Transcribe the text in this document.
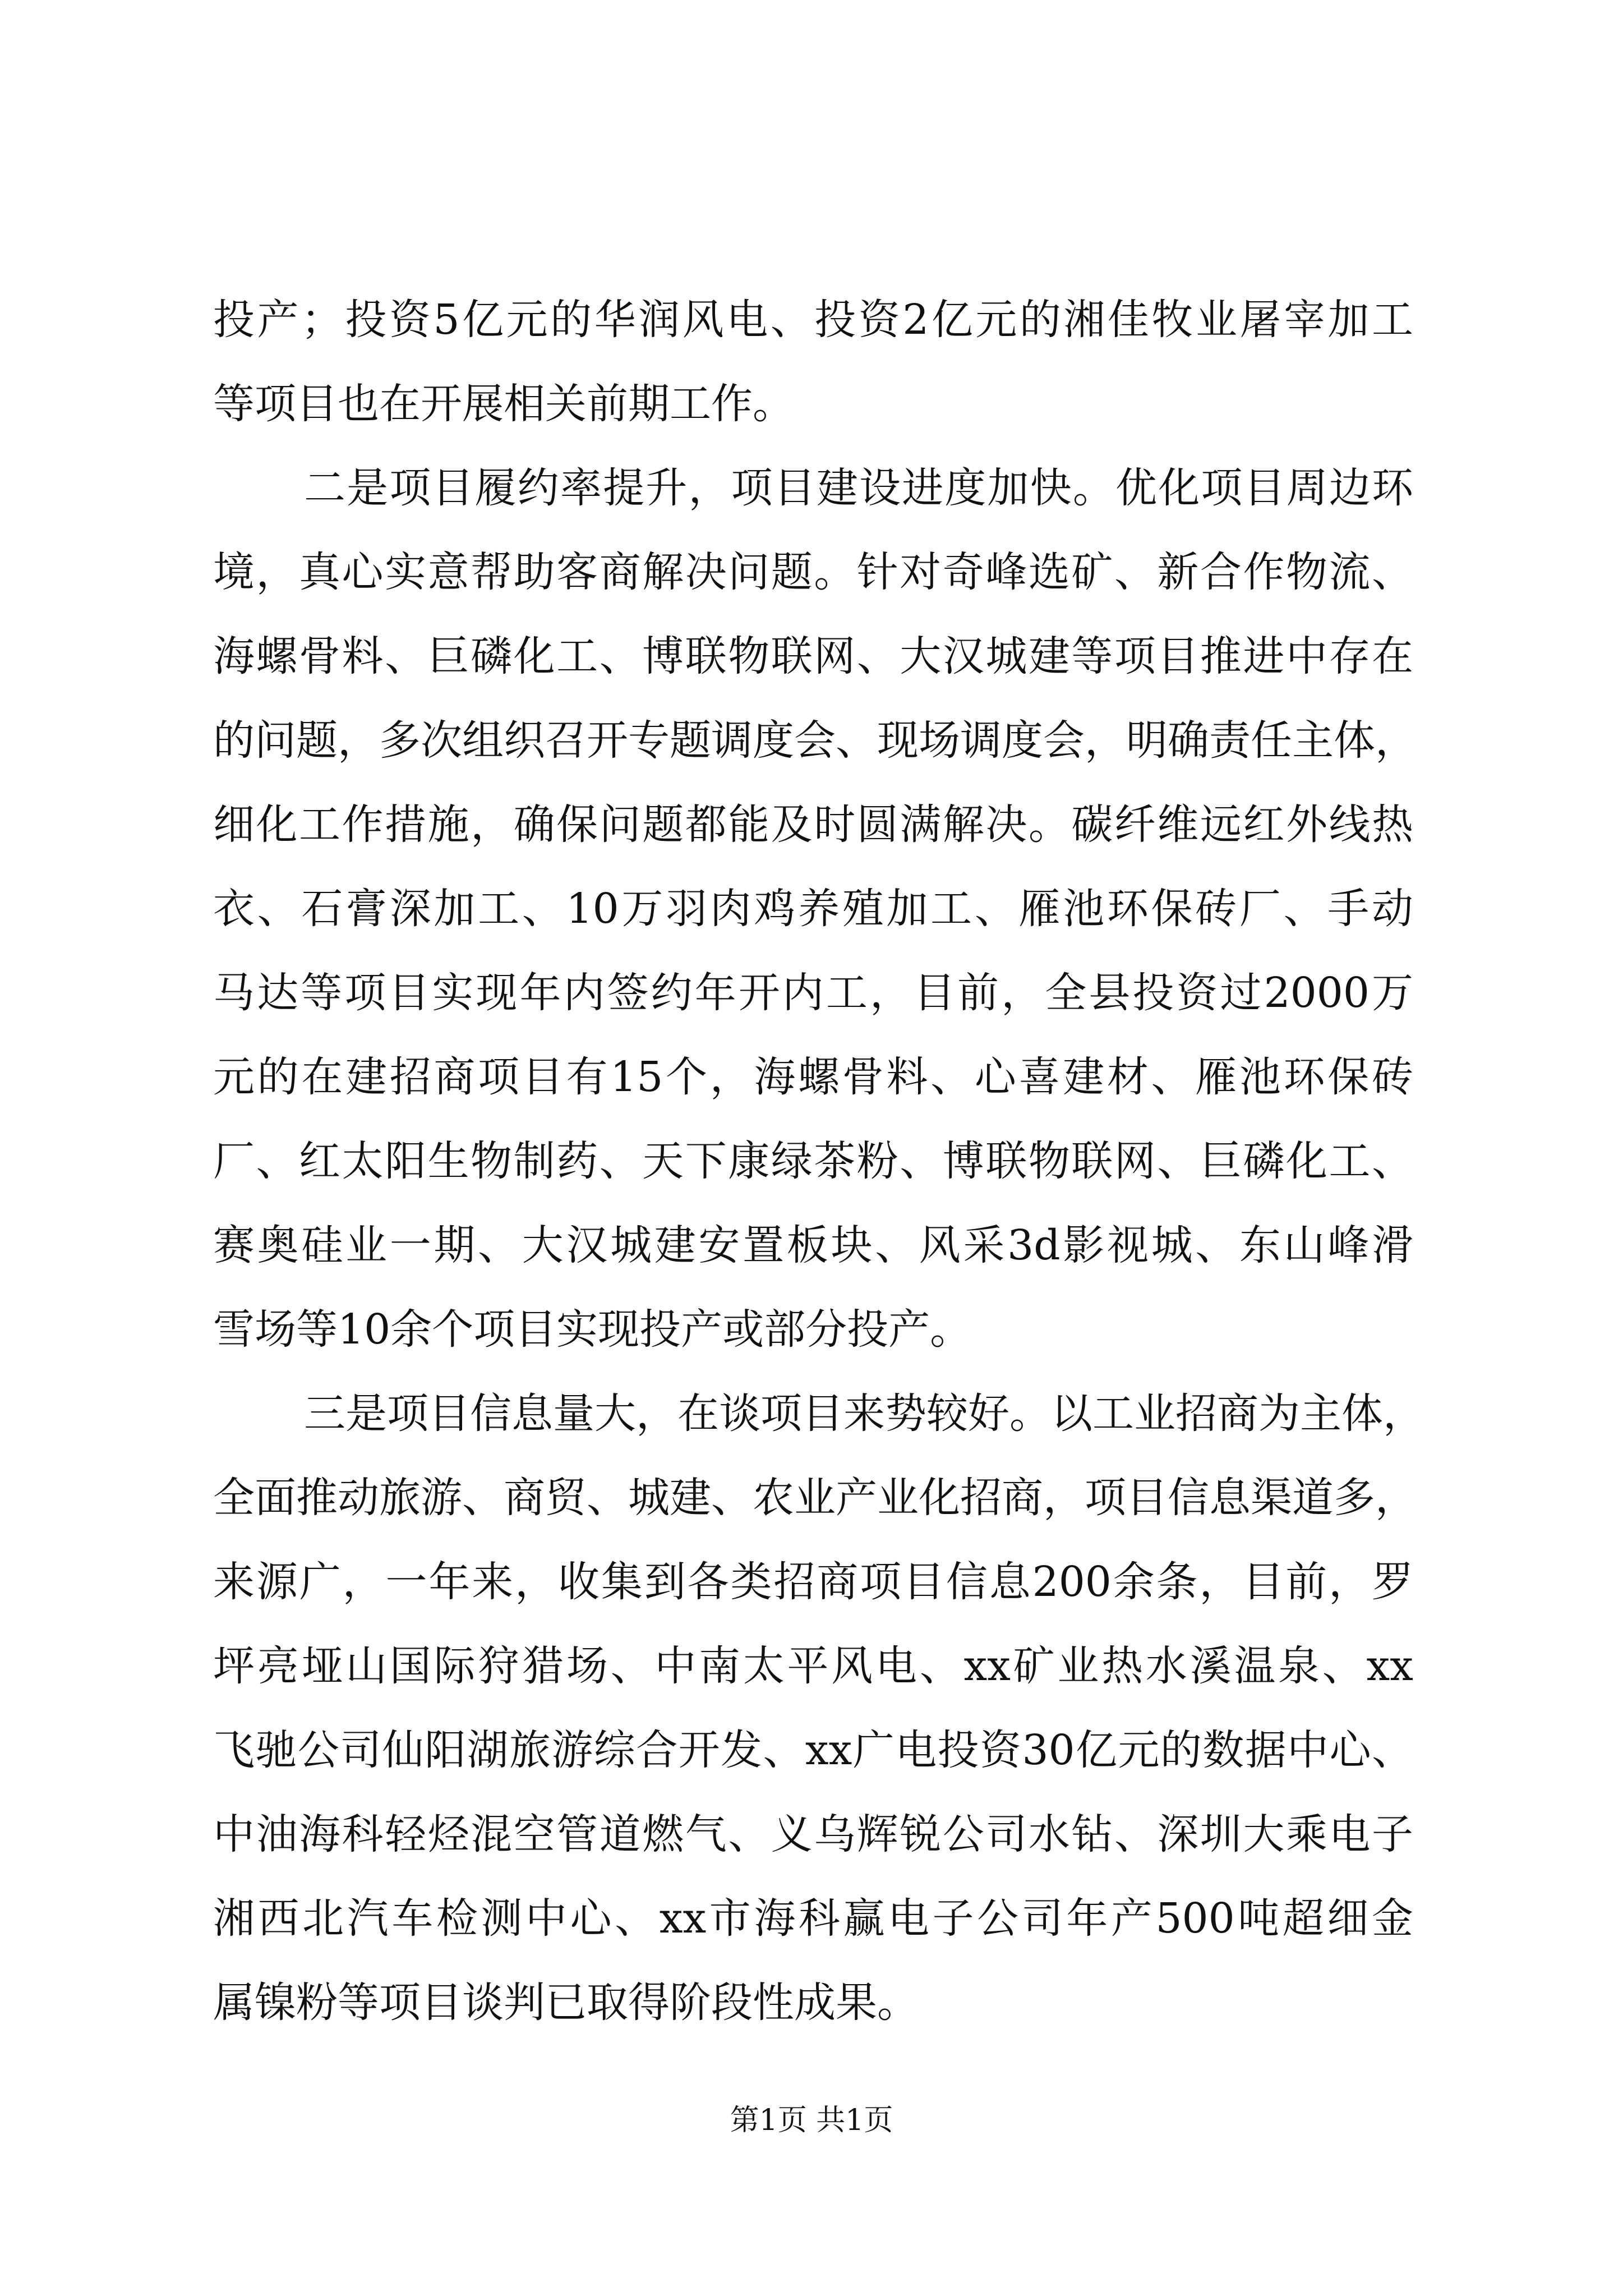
投产；投资5亿元的华润风电、投资2亿元的湘佳牧业屠宰加工
等项目也在开展相关前期工作。
二是项目履约率提升，项目建设进度加快。优化项目周边环
境，真心实意帮助客商解决问题。针对奇峰选矿、新合作物流、
海螺骨料、巨磷化工、博联物联网、大汉城建等项目推进中存在
的问题，多次组织召开专题调度会、现场调度会，明确责任主体，
细化工作措施，确保问题都能及时圆满解决。碳纤维远红外线热
衣、石膏深加工、10万羽肉鸡养殖加工、雁池环保砖厂、手动
马达等项目实现年内签约年开内工，目前，全县投资过2000万
元的在建招商项目有15个，海螺骨料、心喜建材、雁池环保砖
厂、红太阳生物制药、天下康绿茶粉、博联物联网、巨磷化工、
赛奥硅业一期、大汉城建安置板块、风采3d影视城、东山峰滑
雪场等10余个项目实现投产或部分投产。
三是项目信息量大，在谈项目来势较好。以工业招商为主体，
全面推动旅游、商贸、城建、农业产业化招商，项目信息渠道多，
来源广，一年来，收集到各类招商项目信息200余条，目前，罗
坪亮垭山国际狩猎场、中南太平风电、xx矿业热水溪温泉、xx
飞驰公司仙阳湖旅游综合开发、xx广电投资30亿元的数据中心、
中油海科轻烃混空管道燃气、义乌辉锐公司水钻、深圳大乘电子
湘西北汽车检测中心、xx市海科赢电子公司年产500吨超细金
属镍粉等项目谈判已取得阶段性成果。
第1页 共1页
